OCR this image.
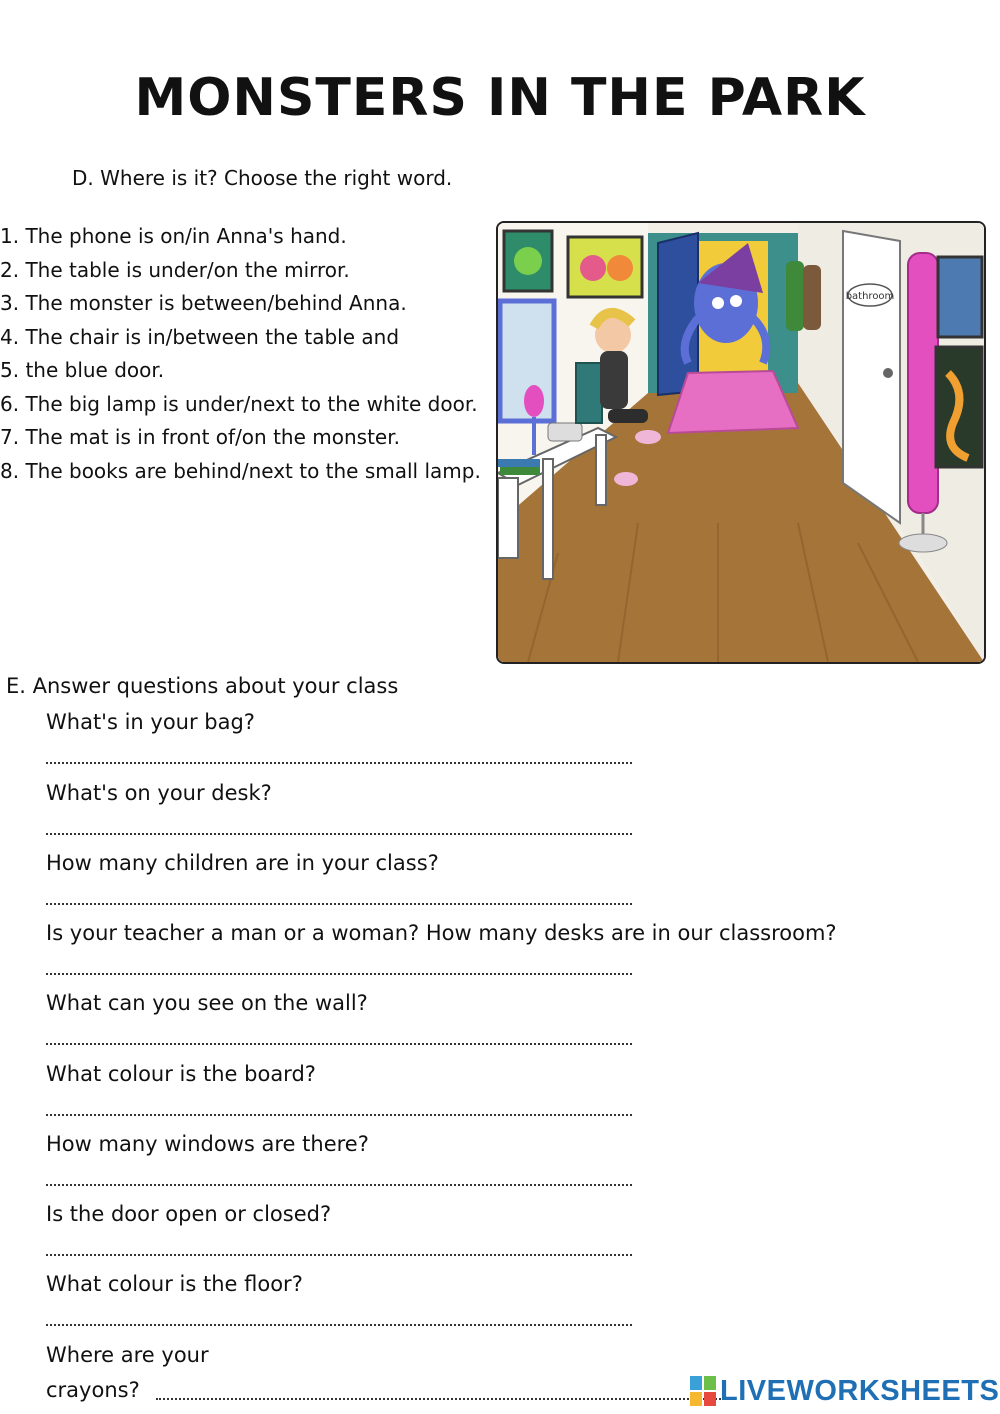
MONSTERS IN THE PARK
D. Where is it? Choose the right word.
1. The phone is on/in Anna's hand.
2. The table is under/on the mirror.
3. The monster is between/behind Anna.
4. The chair is in/between the table and
5. the blue door.
6. The big lamp is under/next to the white door.
7. The mat is in front of/on the monster.
8. The books are behind/next to the small lamp.
bathroom
E. Answer questions about your class
What's in your bag?
What's on your desk?
How many children are in your class?
Is your teacher a man or a woman? How many desks are in our classroom?
What can you see on the wall?
What colour is the board?
How many windows are there?
Is the door open or closed?
What colour is the floor?
Where are your
crayons?	LIVEWORKSHEETS
